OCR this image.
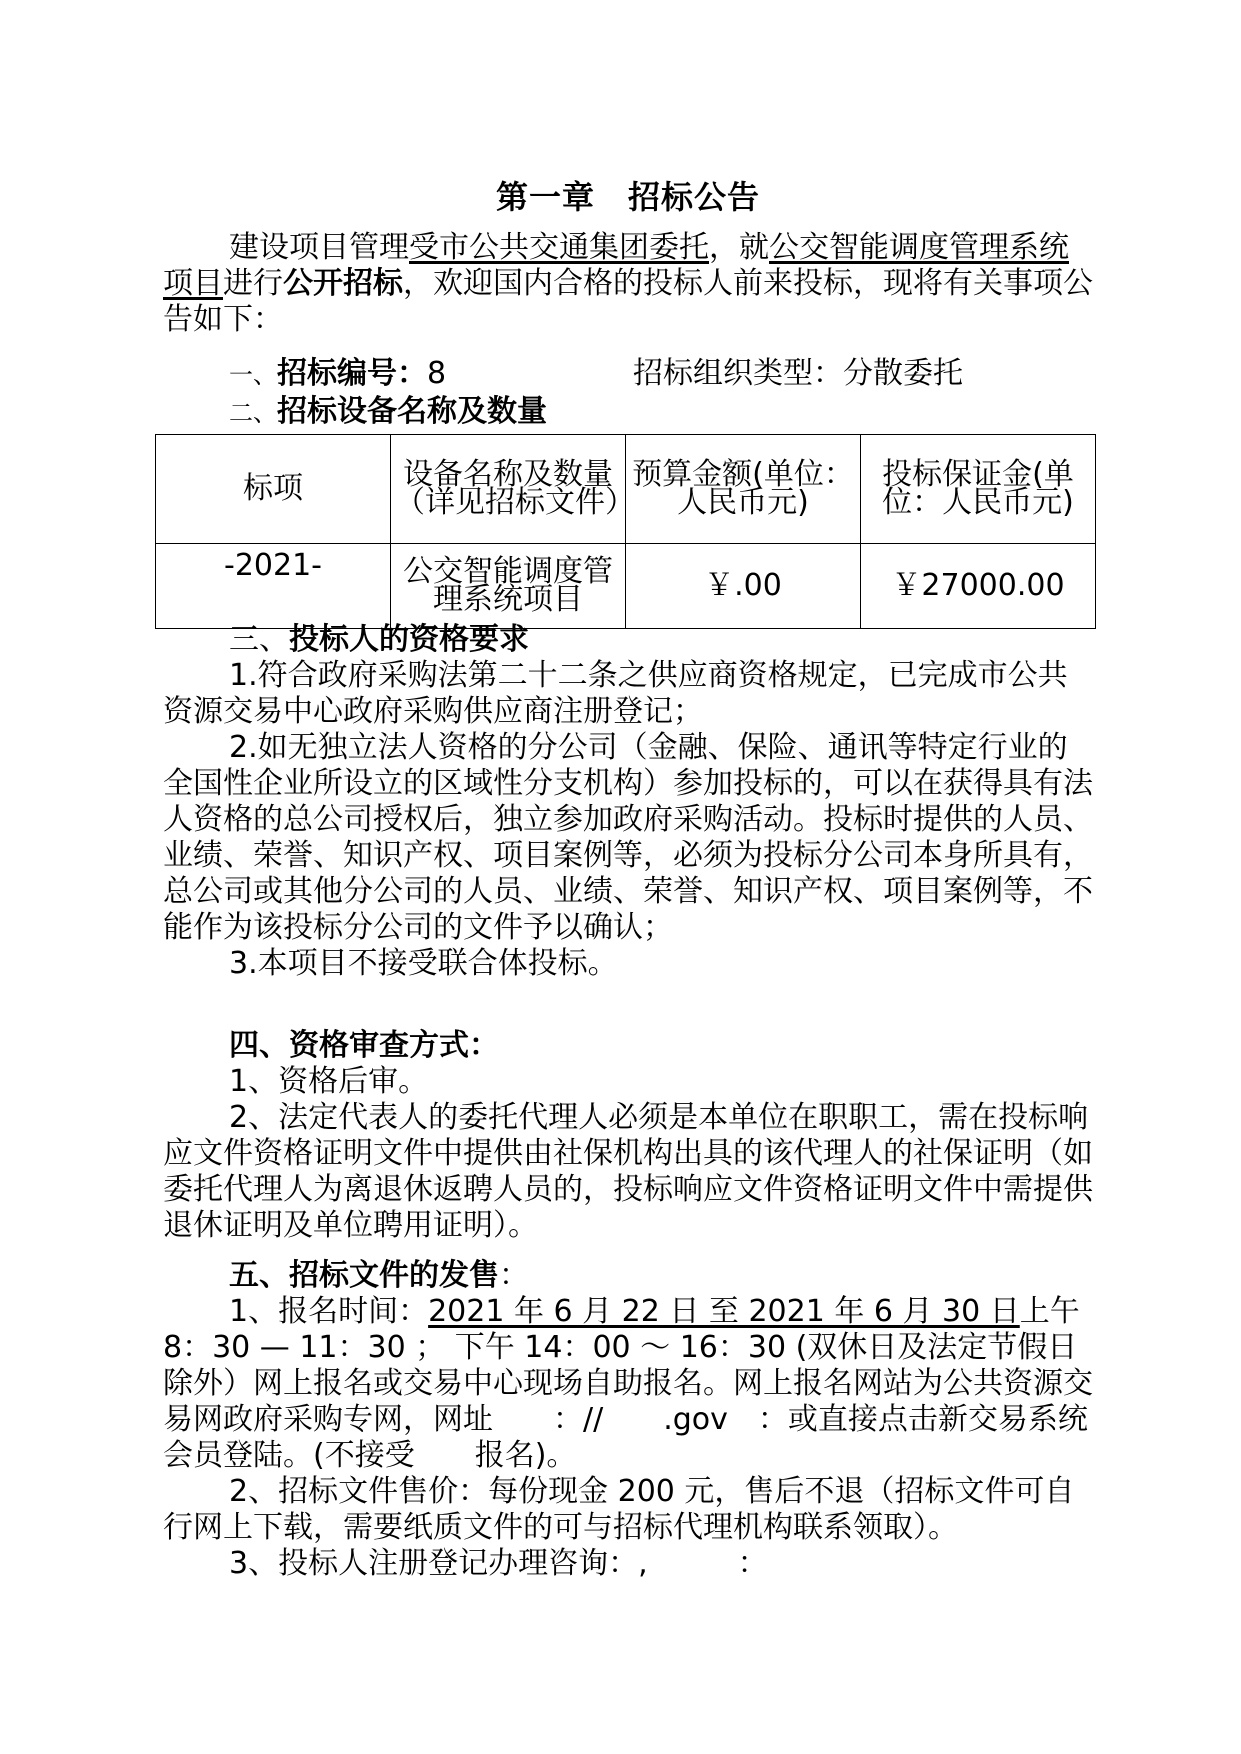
第一章　招标公告

建设项目管理受市公共交通集团委托，就公交智能调度管理系统项目进行公开招标，欢迎国内合格的投标人前来投标，现将有关事项公告如下：

一、招标编号：8	招标组织类型：分散委托

二、招标设备名称及数量

标项	设备名称及数量（详见招标文件）	预算金额(单位：人民币元)	投标保证金(单位：人民币元)
-2021-	公交智能调度管理系统项目	￥.00	￥27000.00

三、投标人的资格要求

1.符合政府采购法第二十二条之供应商资格规定，已完成市公共资源交易中心政府采购供应商注册登记；

2.如无独立法人资格的分公司（金融、保险、通讯等特定行业的全国性企业所设立的区域性分支机构）参加投标的，可以在获得具有法人资格的总公司授权后，独立参加政府采购活动。投标时提供的人员、业绩、荣誉、知识产权、项目案例等，必须为投标分公司本身所具有，总公司或其他分公司的人员、业绩、荣誉、知识产权、项目案例等，不能作为该投标分公司的文件予以确认；

3.本项目不接受联合体投标。

四、资格审查方式：

1、资格后审。

2、法定代表人的委托代理人必须是本单位在职职工，需在投标响应文件资格证明文件中提供由社保机构出具的该代理人的社保证明（如委托代理人为离退休返聘人员的，投标响应文件资格证明文件中需提供退休证明及单位聘用证明）。

五、招标文件的发售：

1、报名时间：2021 年 6 月 22 日 至 2021 年 6 月 30 日上午 8：30 — 11：30 ； 下午 14：00 ～ 16：30 (双休日及法定节假日除外）网上报名或交易中心现场自助报名。网上报名网站为公共资源交易网政府采购专网，网址　　：//　　.gov　：或直接点击新交易系统会员登陆。(不接受　　报名)。

2、招标文件售价：每份现金 200 元，售后不退（招标文件可自行网上下载，需要纸质文件的可与招标代理机构联系领取）。

3、投标人注册登记办理咨询：,　　　：
